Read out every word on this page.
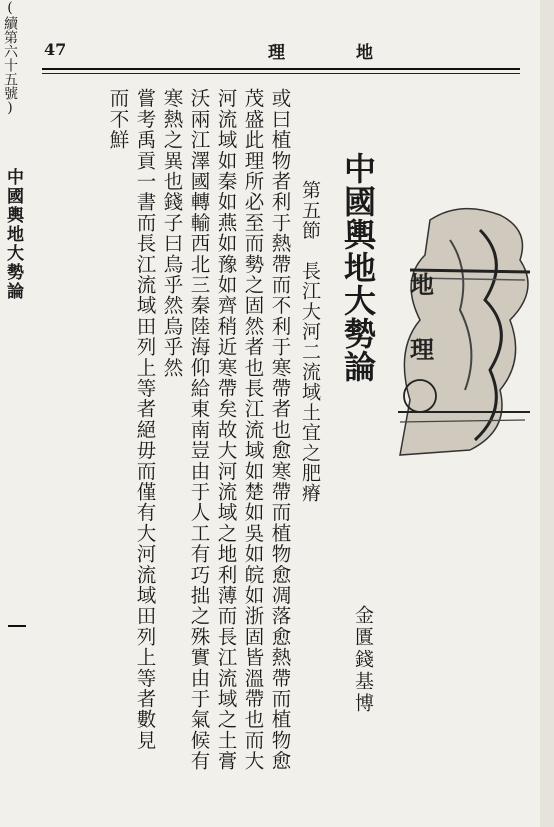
47	理	地
地
理
中國輿地大勢論
(續第六十五號)
金匱錢基博
第五節　長江大河二流域土宜之肥瘠
或曰植物者利于熱帶而不利于寒帶者也愈寒帶而植物愈凋落愈熱帶而植物愈
茂盛此理所必至而勢之固然者也長江流域如楚如吳如皖如浙固皆溫帶也而大
河流域如秦如燕如豫如齊稍近寒帶矣故大河流域之地利薄而長江流域之土膏
沃兩江澤國轉輸西北三秦陸海仰給東南豈由于人工有巧拙之殊實由于氣候有
寒熱之異也錢子曰烏乎然烏乎然
嘗考禹貢一書而長江流域田列上等者絕毋而僅有大河流域田列上等者數見
而不鮮
中國輿地大勢論
